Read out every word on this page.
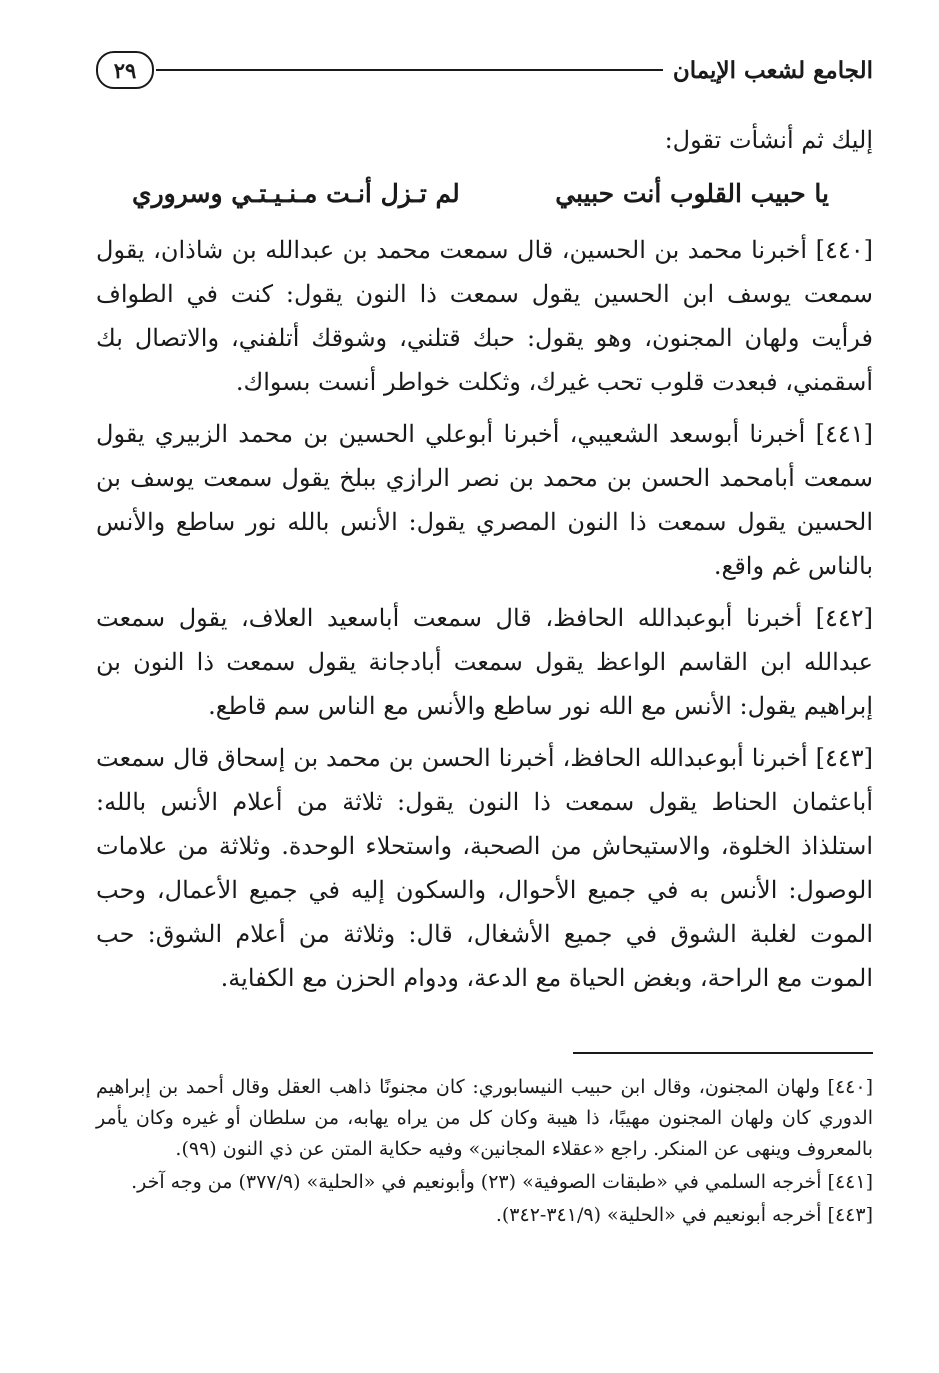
الجامع لشعب الإيمان
٢٩

إليك ثم أنشأت تقول:

يا حبيب القلوب أنت حبيبي
لم تـزل أنـت مـنـيـتـي وسروري

[٤٤٠] أخبرنا محمد بن الحسين، قال سمعت محمد بن عبدالله بن شاذان، يقول سمعت يوسف ابن الحسين يقول سمعت ذا النون يقول: كنت في الطواف فرأيت ولهان المجنون، وهو يقول: حبك قتلني، وشوقك أتلفني، والاتصال بك أسقمني، فبعدت قلوب تحب غيرك، وثكلت خواطر أنست بسواك.

[٤٤١] أخبرنا أبوسعد الشعيبي، أخبرنا أبوعلي الحسين بن محمد الزبيري يقول سمعت أبامحمد الحسن بن محمد بن نصر الرازي ببلخ يقول سمعت يوسف بن الحسين يقول سمعت ذا النون المصري يقول: الأنس بالله نور ساطع والأنس بالناس غم واقع.

[٤٤٢] أخبرنا أبوعبدالله الحافظ، قال سمعت أباسعيد العلاف، يقول سمعت عبدالله ابن القاسم الواعظ يقول سمعت أبادجانة يقول سمعت ذا النون بن إبراهيم يقول: الأنس مع الله نور ساطع والأنس مع الناس سم قاطع.

[٤٤٣] أخبرنا أبوعبدالله الحافظ، أخبرنا الحسن بن محمد بن إسحاق قال سمعت أباعثمان الحناط يقول سمعت ذا النون يقول: ثلاثة من أعلام الأنس بالله: استلذاذ الخلوة، والاستيحاش من الصحبة، واستحلاء الوحدة. وثلاثة من علامات الوصول: الأنس به في جميع الأحوال، والسكون إليه في جميع الأعمال، وحب الموت لغلبة الشوق في جميع الأشغال، قال: وثلاثة من أعلام الشوق: حب الموت مع الراحة، وبغض الحياة مع الدعة، ودوام الحزن مع الكفاية.

[٤٤٠] ولهان المجنون، وقال ابن حبيب النيسابوري: كان مجنونًا ذاهب العقل وقال أحمد بن إبراهيم الدوري كان ولهان المجنون مهيبًا، ذا هيبة وكان كل من يراه يهابه، من سلطان أو غيره وكان يأمر بالمعروف وينهى عن المنكر. راجع «عقلاء المجانين» وفيه حكاية المتن عن ذي النون (٩٩).

[٤٤١] أخرجه السلمي في «طبقات الصوفية» (٢٣) وأبونعيم في «الحلية» (٣٧٧/٩) من وجه آخر.

[٤٤٣] أخرجه أبونعيم في «الحلية» (٣٤١/٩-٣٤٢).
